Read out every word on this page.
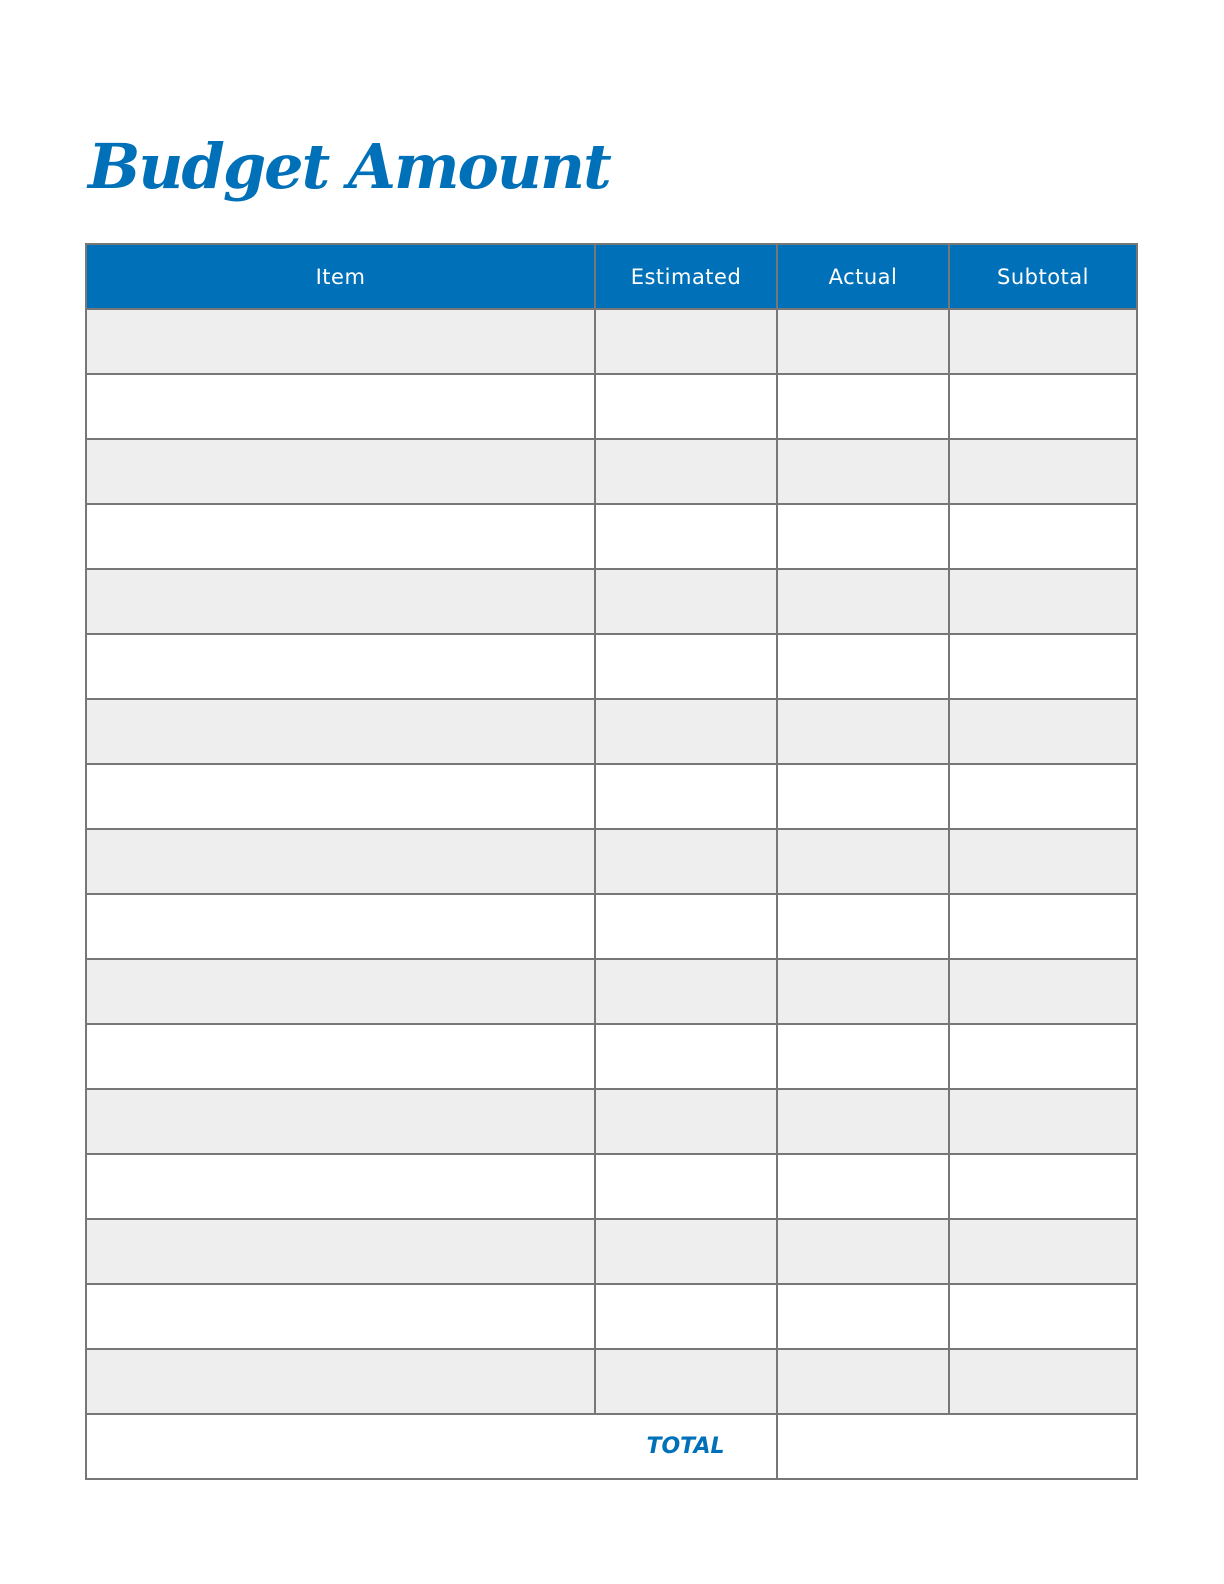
Budget Amount
Item	Estimated	Actual	Subtotal

	TOTAL		
